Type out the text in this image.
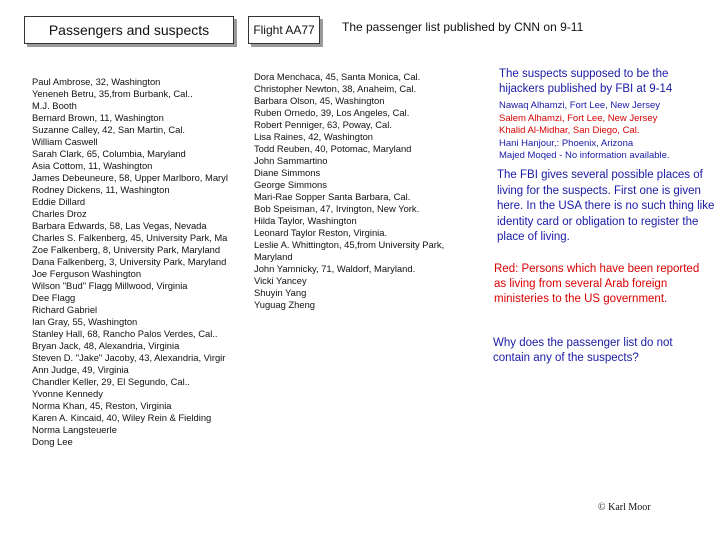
Passengers and suspects	Flight AA77 The passenger list published by CNN on 9-11
Paul Ambrose, 32, Washington
Yeneneh Betru, 35,from Burbank, Cal..
M.J. Booth
Bernard Brown, 11, Washington
Suzanne Calley, 42, San Martin, Cal.
William Caswell
Sarah Clark, 65, Columbia, Maryland
Asia Cottom, 11, Washington
James Debeuneure, 58, Upper Marlboro, Maryl
Rodney Dickens, 11, Washington
Eddie Dillard
Charles Droz
Barbara Edwards, 58, Las Vegas, Nevada
Charles S. Falkenberg, 45, University Park, Ma
Zoe Falkenberg, 8, University Park, Maryland
Dana Falkenberg, 3, University Park, Maryland
Joe Ferguson Washington
Wilson "Bud" Flagg Millwood, Virginia
Dee Flagg
Richard Gabriel
Ian Gray, 55, Washington
Stanley Hall, 68, Rancho Palos Verdes, Cal..
Bryan Jack, 48, Alexandria, Virginia
Steven D. "Jake" Jacoby, 43, Alexandria, Virgir
Ann Judge, 49, Virginia
Chandler Keller, 29, El Segundo, Cal..
Yvonne Kennedy
Norma Khan, 45, Reston, Virginia
Karen A. Kincaid, 40, Wiley Rein & Fielding
Norma Langsteuerle
Dong Lee
Dora Menchaca, 45, Santa Monica, Cal.
Christopher Newton, 38, Anaheim, Cal.
Barbara Olson, 45, Washington
Ruben Ornedo, 39, Los Angeles, Cal.
Robert Penniger, 63, Poway, Cal.
Lisa Raines, 42, Washington
Todd Reuben, 40, Potomac, Maryland
John Sammartino
Diane Simmons
George Simmons
Mari-Rae Sopper Santa Barbara, Cal.
Bob Speisman, 47, Irvington, New York.
Hilda Taylor, Washington
Leonard Taylor Reston, Virginia.
Leslie A. Whittington, 45,from University Park, Maryland
John Yamnicky, 71, Waldorf, Maryland.
Vicki Yancey
Shuyin Yang
Yuguag Zheng

The suspects supposed to be the hijackers published by FBI at 9-14

Nawaq Alhamzi, Fort Lee, New Jersey
Salem Alhamzi, Fort Lee, New Jersey
Khalid Al-Midhar, San Diego, Cal.
Hani Hanjour,: Phoenix, Arizona
Majed Moqed - No information available.

The FBI gives several possible places of living for the suspects. First one is given here. In the USA there is no such thing like identity card or obligation to register the place of living.

Red: Persons which have been reported as living from several Arab foreign ministeries to the US government.

Why does the passenger list do not contain any of the suspects?

© Karl Moor
